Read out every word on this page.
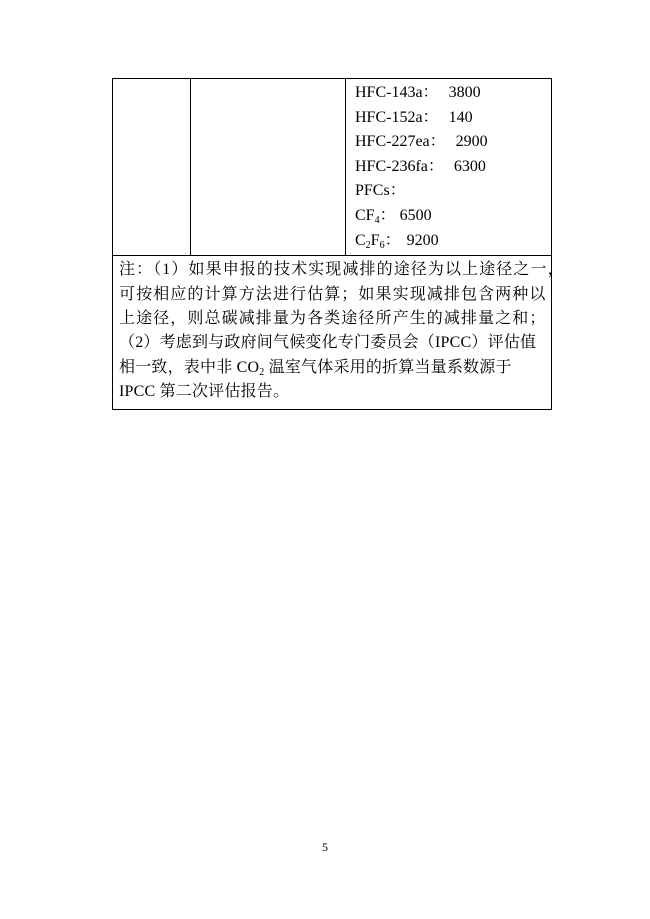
HFC-143a： 3800
HFC-152a： 140
HFC-227ea： 2900
HFC-236fa： 6300
PFCs：
$CF_4$： 6500
$C_2F_6$： 9200

注：（1）如果申报的技术实现减排的途径为以上途径之一，
可按相应的计算方法进行估算；如果实现减排包含两种以
上途径，则总碳减排量为各类途径所产生的减排量之和；
（2）考虑到与政府间气候变化专门委员会（IPCC）评估值
相一致，表中非 $CO_2$ 温室气体采用的折算当量系数源于
IPCC 第二次评估报告。
5
